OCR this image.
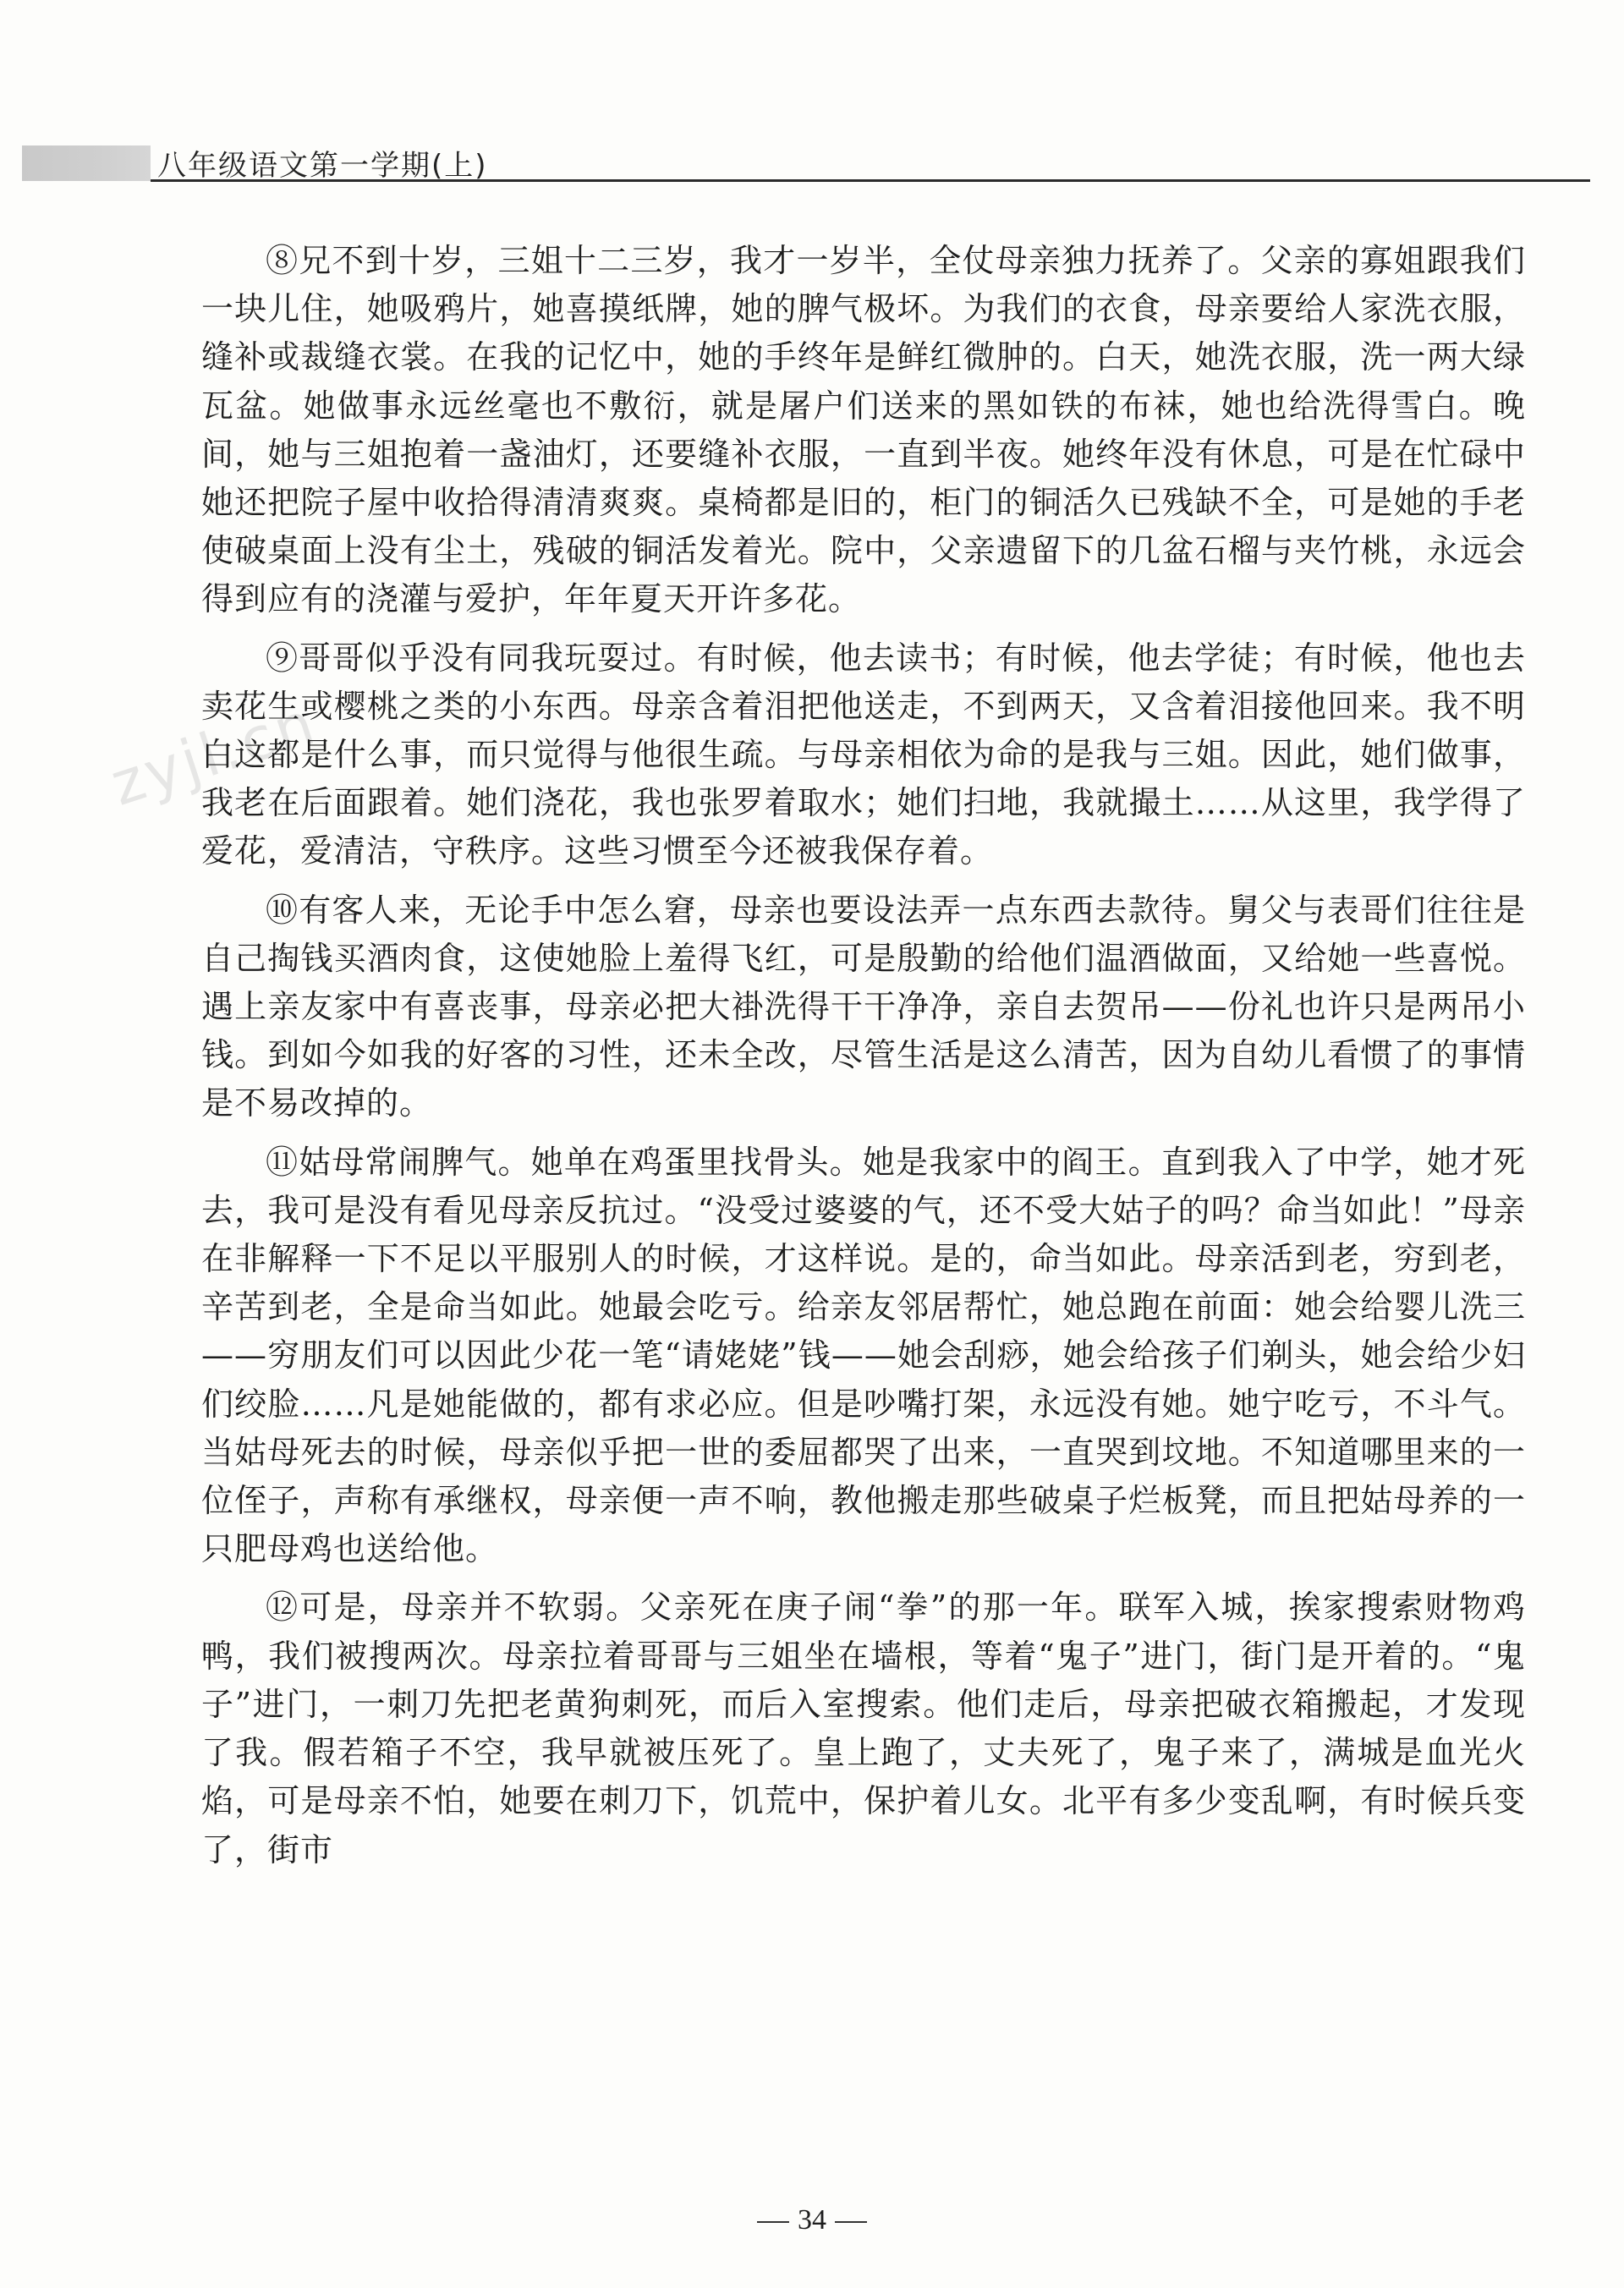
八年级语文第一学期(上)
zyjl.cn

⑧兄不到十岁，三姐十二三岁，我才一岁半，全仗母亲独力抚养了。父亲的寡姐跟我们一块儿住，她吸鸦片，她喜摸纸牌，她的脾气极坏。为我们的衣食，母亲要给人家洗衣服，缝补或裁缝衣裳。在我的记忆中，她的手终年是鲜红微肿的。白天，她洗衣服，洗一两大绿瓦盆。她做事永远丝毫也不敷衍，就是屠户们送来的黑如铁的布袜，她也给洗得雪白。晚间，她与三姐抱着一盏油灯，还要缝补衣服，一直到半夜。她终年没有休息，可是在忙碌中她还把院子屋中收拾得清清爽爽。桌椅都是旧的，柜门的铜活久已残缺不全，可是她的手老使破桌面上没有尘土，残破的铜活发着光。院中，父亲遗留下的几盆石榴与夹竹桃，永远会得到应有的浇灌与爱护，年年夏天开许多花。

⑨哥哥似乎没有同我玩耍过。有时候，他去读书；有时候，他去学徒；有时候，他也去卖花生或樱桃之类的小东西。母亲含着泪把他送走，不到两天，又含着泪接他回来。我不明白这都是什么事，而只觉得与他很生疏。与母亲相依为命的是我与三姐。因此，她们做事，我老在后面跟着。她们浇花，我也张罗着取水；她们扫地，我就撮土……从这里，我学得了爱花，爱清洁，守秩序。这些习惯至今还被我保存着。

⑩有客人来，无论手中怎么窘，母亲也要设法弄一点东西去款待。舅父与表哥们往往是自己掏钱买酒肉食，这使她脸上羞得飞红，可是殷勤的给他们温酒做面，又给她一些喜悦。遇上亲友家中有喜丧事，母亲必把大褂洗得干干净净，亲自去贺吊——份礼也许只是两吊小钱。到如今如我的好客的习性，还未全改，尽管生活是这么清苦，因为自幼儿看惯了的事情是不易改掉的。

⑪姑母常闹脾气。她单在鸡蛋里找骨头。她是我家中的阎王。直到我入了中学，她才死去，我可是没有看见母亲反抗过。“没受过婆婆的气，还不受大姑子的吗？命当如此！”母亲在非解释一下不足以平服别人的时候，才这样说。是的，命当如此。母亲活到老，穷到老，辛苦到老，全是命当如此。她最会吃亏。给亲友邻居帮忙，她总跑在前面：她会给婴儿洗三——穷朋友们可以因此少花一笔“请姥姥”钱——她会刮痧，她会给孩子们剃头，她会给少妇们绞脸……凡是她能做的，都有求必应。但是吵嘴打架，永远没有她。她宁吃亏，不斗气。当姑母死去的时候，母亲似乎把一世的委屈都哭了出来，一直哭到坟地。不知道哪里来的一位侄子，声称有承继权，母亲便一声不响，教他搬走那些破桌子烂板凳，而且把姑母养的一只肥母鸡也送给他。

⑫可是，母亲并不软弱。父亲死在庚子闹“拳”的那一年。联军入城，挨家搜索财物鸡鸭，我们被搜两次。母亲拉着哥哥与三姐坐在墙根，等着“鬼子”进门，街门是开着的。“鬼子”进门，一刺刀先把老黄狗刺死，而后入室搜索。他们走后，母亲把破衣箱搬起，才发现了我。假若箱子不空，我早就被压死了。皇上跑了，丈夫死了，鬼子来了，满城是血光火焰，可是母亲不怕，她要在刺刀下，饥荒中，保护着儿女。北平有多少变乱啊，有时候兵变了，街市

34
